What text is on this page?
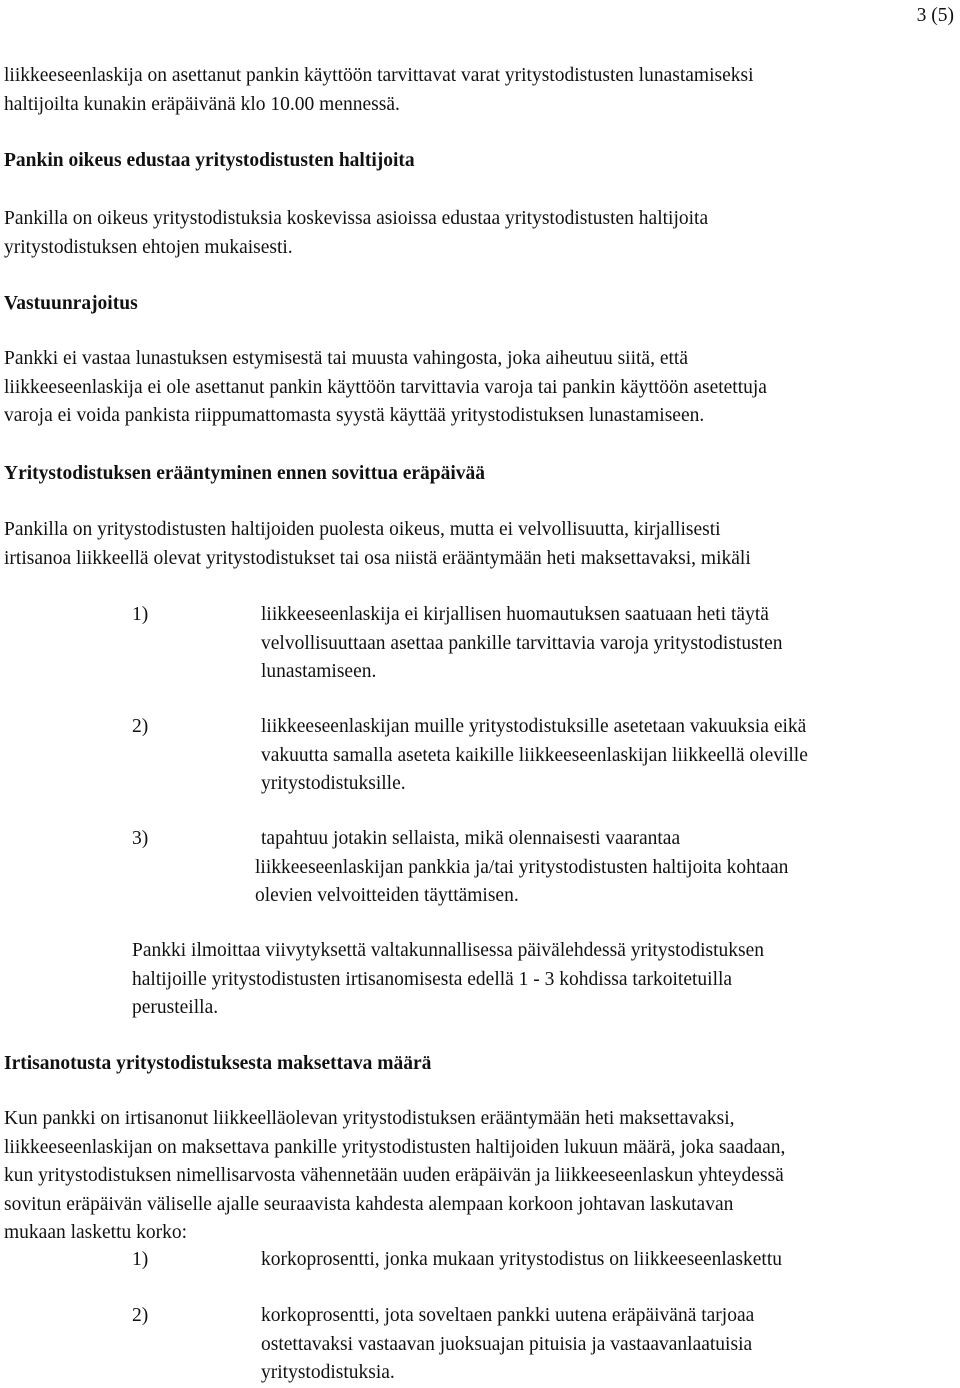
3 (5)

liikkeeseenlaskija on asettanut pankin käyttöön tarvittavat varat yritystodistusten lunastamiseksi
haltijoilta kunakin eräpäivänä klo 10.00 mennessä.
Pankin oikeus edustaa yritystodistusten haltijoita
Pankilla on oikeus yritystodistuksia koskevissa asioissa edustaa yritystodistusten haltijoita
yritystodistuksen ehtojen mukaisesti.
Vastuunrajoitus
Pankki ei vastaa lunastuksen estymisestä tai muusta vahingosta, joka aiheutuu siitä, että
liikkeeseenlaskija ei ole asettanut pankin käyttöön tarvittavia varoja tai pankin käyttöön asetettuja
varoja ei voida pankista riippumattomasta syystä käyttää yritystodistuksen lunastamiseen.
Yritystodistuksen erääntyminen ennen sovittua eräpäivää
Pankilla on yritystodistusten haltijoiden puolesta oikeus, mutta ei velvollisuutta, kirjallisesti
irtisanoa liikkeellä olevat yritystodistukset tai osa niistä erääntymään heti maksettavaksi, mikäli
1)	liikkeeseenlaskija ei kirjallisen huomautuksen saatuaan heti täytä
velvollisuuttaan asettaa pankille tarvittavia varoja yritystodistusten
lunastamiseen.
2)	liikkeeseenlaskijan muille yritystodistuksille asetetaan vakuuksia eikä
vakuutta samalla aseteta kaikille liikkeeseenlaskijan liikkeellä oleville
yritystodistuksille.
3)	tapahtuu jotakin sellaista, mikä olennaisesti vaarantaa
liikkeeseenlaskijan pankkia ja/tai yritystodistusten haltijoita kohtaan
olevien velvoitteiden täyttämisen.
Pankki ilmoittaa viivytyksettä valtakunnallisessa päivälehdessä yritystodistuksen
haltijoille yritystodistusten irtisanomisesta edellä 1 - 3 kohdissa tarkoitetuilla
perusteilla.
Irtisanotusta yritystodistuksesta maksettava määrä
Kun pankki on irtisanonut liikkeelläolevan yritystodistuksen erääntymään heti maksettavaksi,
liikkeeseenlaskijan on maksettava pankille yritystodistusten haltijoiden lukuun määrä, joka saadaan,
kun yritystodistuksen nimellisarvosta vähennetään uuden eräpäivän ja liikkeeseenlaskun yhteydessä
sovitun eräpäivän väliselle ajalle seuraavista kahdesta alempaan korkoon johtavan laskutavan
mukaan laskettu korko:
1)	korkoprosentti, jonka mukaan yritystodistus on liikkeeseenlaskettu
2)	korkoprosentti, jota soveltaen pankki uutena eräpäivänä tarjoaa
ostettavaksi vastaavan juoksuajan pituisia ja vastaavanlaatuisia
yritystodistuksia.
